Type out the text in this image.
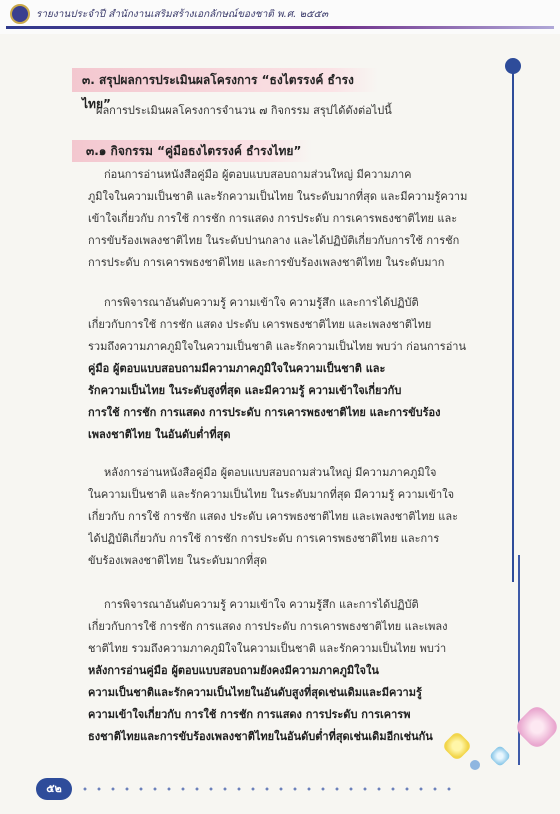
รายงานประจำปี สำนักงานเสริมสร้างเอกลักษณ์ของชาติ พ.ศ. ๒๕๕๓
๓. สรุปผลการประเมินผลโครงการ “ธงไตรรงค์ ธำรงไทย”
ผลการประเมินผลโครงการจำนวน ๗ กิจกรรม สรุปได้ดังต่อไปนี้
๓.๑ กิจกรรม “คู่มือธงไตรรงค์ ธำรงไทย”
ก่อนการอ่านหนังสือคู่มือ ผู้ตอบแบบสอบถามส่วนใหญ่ มีความภาค
ภูมิใจในความเป็นชาติ และรักความเป็นไทย ในระดับมากที่สุด และมีความรู้ความ
เข้าใจเกี่ยวกับ การใช้ การชัก การแสดง การประดับ การเคารพธงชาติไทย และ
การขับร้องเพลงชาติไทย ในระดับปานกลาง และได้ปฏิบัติเกี่ยวกับการใช้ การชัก
การประดับ การเคารพธงชาติไทย และการขับร้องเพลงชาติไทย ในระดับมาก
การพิจารณาอันดับความรู้ ความเข้าใจ ความรู้สึก และการได้ปฏิบัติ
เกี่ยวกับการใช้ การชัก แสดง ประดับ เคารพธงชาติไทย และเพลงชาติไทย
รวมถึงความภาคภูมิใจในความเป็นชาติ และรักความเป็นไทย พบว่า ก่อนการอ่าน
คู่มือ ผู้ตอบแบบสอบถามมีความภาคภูมิใจในความเป็นชาติ และ
รักความเป็นไทย ในระดับสูงที่สุด และมีความรู้ ความเข้าใจเกี่ยวกับ
การใช้ การชัก การแสดง การประดับ การเคารพธงชาติไทย และการขับร้อง
เพลงชาติไทย ในอันดับต่ำที่สุด
หลังการอ่านหนังสือคู่มือ ผู้ตอบแบบสอบถามส่วนใหญ่ มีความภาคภูมิใจ
ในความเป็นชาติ และรักความเป็นไทย ในระดับมากที่สุด มีความรู้ ความเข้าใจ
เกี่ยวกับ การใช้ การชัก แสดง ประดับ เคารพธงชาติไทย และเพลงชาติไทย และ
ได้ปฏิบัติเกี่ยวกับ การใช้ การชัก การประดับ การเคารพธงชาติไทย และการ
ขับร้องเพลงชาติไทย ในระดับมากที่สุด
การพิจารณาอันดับความรู้ ความเข้าใจ ความรู้สึก และการได้ปฏิบัติ
เกี่ยวกับการใช้ การชัก การแสดง การประดับ การเคารพธงชาติไทย และเพลง
ชาติไทย รวมถึงความภาคภูมิใจในความเป็นชาติ และรักความเป็นไทย พบว่า
หลังการอ่านคู่มือ ผู้ตอบแบบสอบถามยังคงมีความภาคภูมิใจใน
ความเป็นชาติและรักความเป็นไทยในอันดับสูงที่สุดเช่นเดิมและมีความรู้
ความเข้าใจเกี่ยวกับ การใช้ การชัก การแสดง การประดับ การเคารพ
ธงชาติไทยและการขับร้องเพลงชาติไทยในอันดับต่ำที่สุดเช่นเดิมอีกเช่นกัน
๕๒
